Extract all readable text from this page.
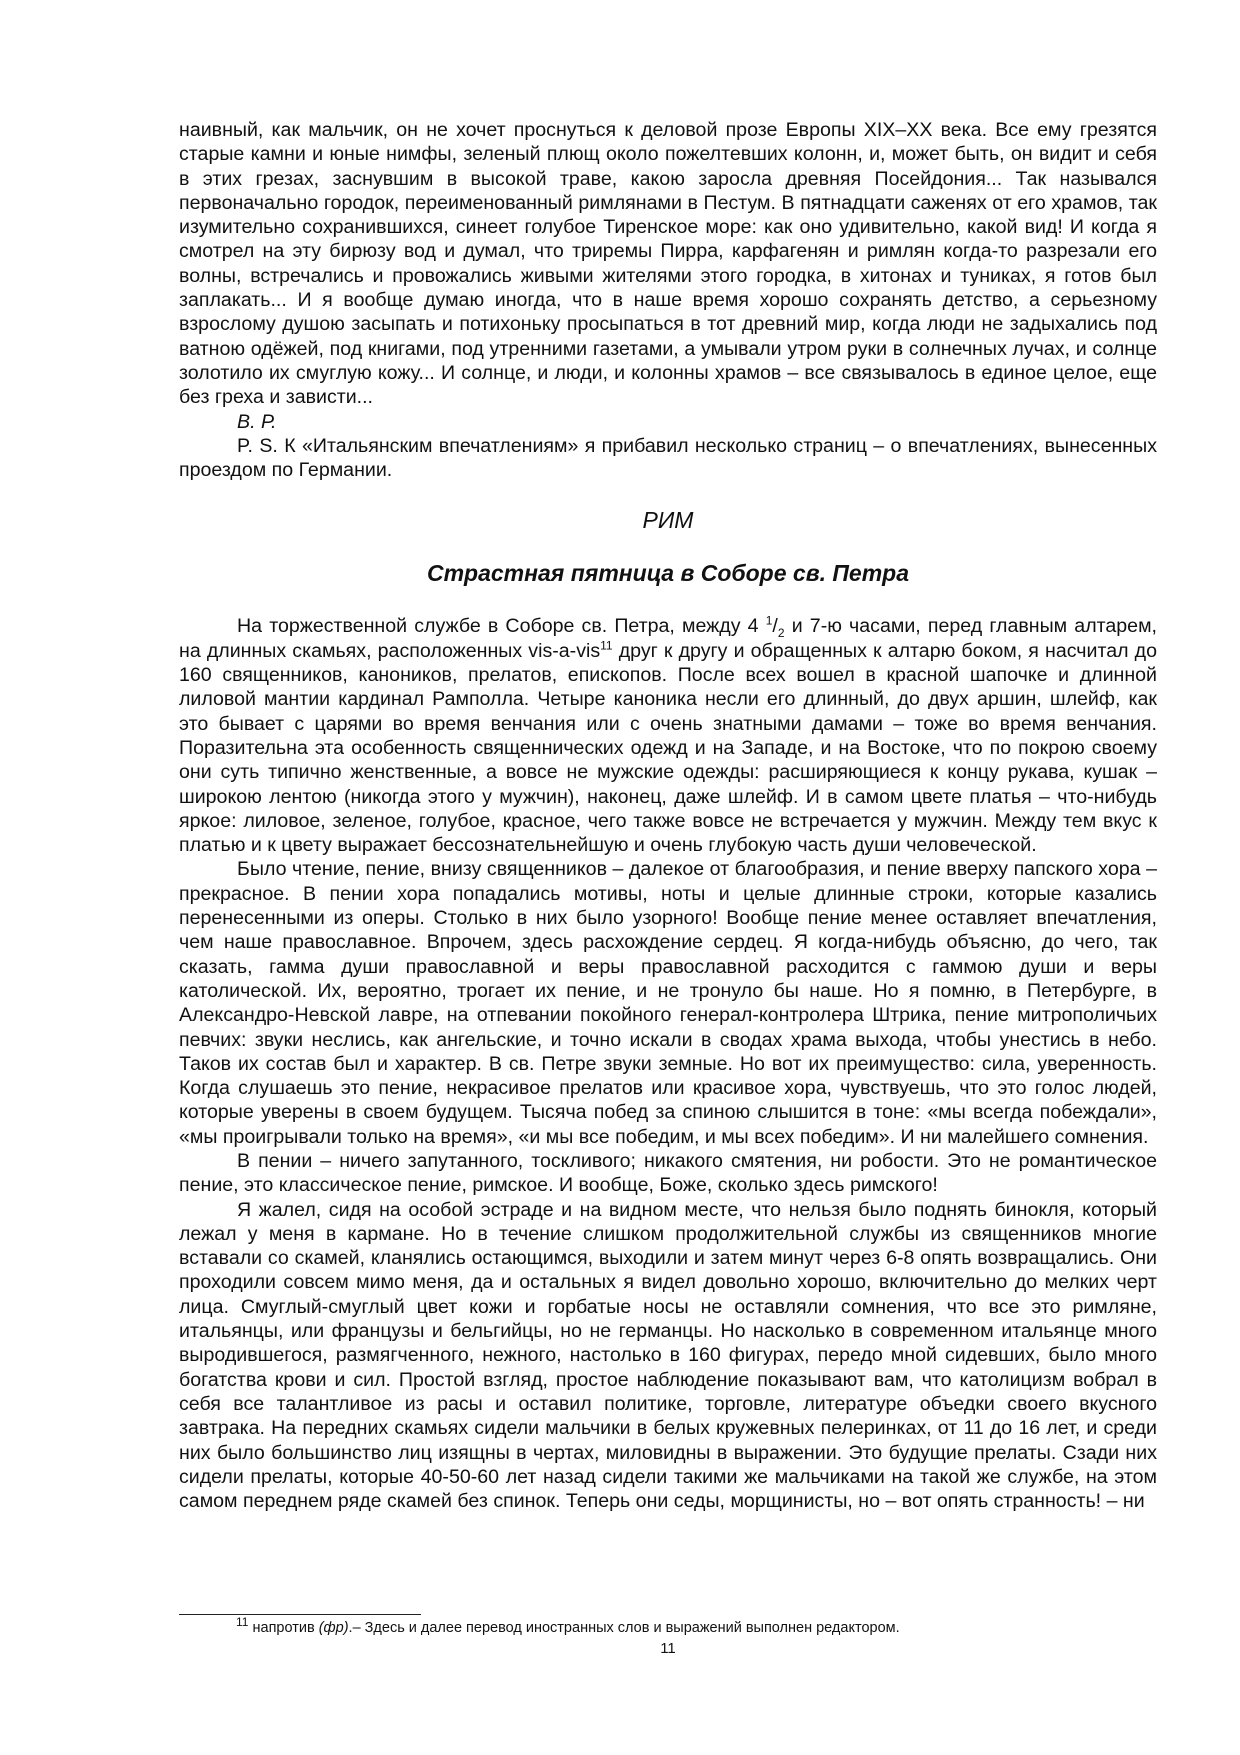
наивный, как мальчик, он не хочет проснуться к деловой прозе Европы XIX–XX века. Все ему грезятся старые камни и юные нимфы, зеленый плющ около пожелтевших колонн, и, может быть, он видит и себя в этих грезах, заснувшим в высокой траве, какою заросла древняя Посейдония... Так назывался первоначально городок, переименованный римлянами в Пестум. В пятнадцати саженях от его храмов, так изумительно сохранившихся, синеет голубое Тиренское море: как оно удивительно, какой вид! И когда я смотрел на эту бирюзу вод и думал, что триремы Пирра, карфагенян и римлян когда-то разрезали его волны, встречались и провожались живыми жителями этого городка, в хитонах и туниках, я готов был заплакать... И я вообще думаю иногда, что в наше время хорошо сохранять детство, а серьезному взрослому душою засыпать и потихоньку просыпаться в тот древний мир, когда люди не задыхались под ватною одёжей, под книгами, под утренними газетами, а умывали утром руки в солнечных лучах, и солнце золотило их смуглую кожу... И солнце, и люди, и колонны храмов – все связывалось в единое целое, еще без греха и зависти...

В. Р.

P. S. К «Итальянским впечатлениям» я прибавил несколько страниц – о впечатлениях, вынесенных проездом по Германии.

РИМ
Страстная пятница в Соборе св. Петра

На торжественной службе в Соборе св. Петра, между 4 $^1/_2$ и 7-ю часами, перед главным алтарем, на длинных скамьях, расположенных vis-a-vis$^{11}$ друг к другу и обращенных к алтарю боком, я насчитал до 160 священников, каноников, прелатов, епископов. После всех вошел в красной шапочке и длинной лиловой мантии кардинал Рамполла. Четыре каноника несли его длинный, до двух аршин, шлейф, как это бывает с царями во время венчания или с очень знатными дамами – тоже во время венчания. Поразительна эта особенность священнических одежд и на Западе, и на Востоке, что по покрою своему они суть типично женственные, а вовсе не мужские одежды: расширяющиеся к концу рукава, кушак – широкою лентою (никогда этого у мужчин), наконец, даже шлейф. И в самом цвете платья – что-нибудь яркое: лиловое, зеленое, голубое, красное, чего также вовсе не встречается у мужчин. Между тем вкус к платью и к цвету выражает бессознательнейшую и очень глубокую часть души человеческой.

Было чтение, пение, внизу священников – далекое от благообразия, и пение вверху папского хора – прекрасное. В пении хора попадались мотивы, ноты и целые длинные строки, которые казались перенесенными из оперы. Столько в них было узорного! Вообще пение менее оставляет впечатления, чем наше православное. Впрочем, здесь расхождение сердец. Я когда-нибудь объясню, до чего, так сказать, гамма души православной и веры православной расходится с гаммою души и веры католической. Их, вероятно, трогает их пение, и не тронуло бы наше. Но я помню, в Петербурге, в Александро-Невской лавре, на отпевании покойного генерал-контролера Штрика, пение митрополичьих певчих: звуки неслись, как ангельские, и точно искали в сводах храма выхода, чтобы унестись в небо. Таков их состав был и характер. В св. Петре звуки земные. Но вот их преимущество: сила, уверенность. Когда слушаешь это пение, некрасивое прелатов или красивое хора, чувствуешь, что это голос людей, которые уверены в своем будущем. Тысяча побед за спиною слышится в тоне: «мы всегда побеждали», «мы проигрывали только на время», «и мы все победим, и мы всех победим». И ни малейшего сомнения.

В пении – ничего запутанного, тоскливого; никакого смятения, ни робости. Это не романтическое пение, это классическое пение, римское. И вообще, Боже, сколько здесь римского!

Я жалел, сидя на особой эстраде и на видном месте, что нельзя было поднять бинокля, который лежал у меня в кармане. Но в течение слишком продолжительной службы из священников многие вставали со скамей, кланялись остающимся, выходили и затем минут через 6-8 опять возвращались. Они проходили совсем мимо меня, да и остальных я видел довольно хорошо, включительно до мелких черт лица. Смуглый-смуглый цвет кожи и горбатые носы не оставляли сомнения, что все это римляне, итальянцы, или французы и бельгийцы, но не германцы. Но насколько в современном итальянце много выродившегося, размягченного, нежного, настолько в 160 фигурах, передо мной сидевших, было много богатства крови и сил. Простой взгляд, простое наблюдение показывают вам, что католицизм вобрал в себя все талантливое из расы и оставил политике, торговле, литературе объедки своего вкусного завтрака. На передних скамьях сидели мальчики в белых кружевных пелеринках, от 11 до 16 лет, и среди них было большинство лиц изящны в чертах, миловидны в выражении. Это будущие прелаты. Сзади них сидели прелаты, которые 40-50-60 лет назад сидели такими же мальчиками на такой же службе, на этом самом переднем ряде скамей без спинок. Теперь они седы, морщинисты, но – вот опять странность! – ни

$^{11}$ напротив (фр).– Здесь и далее перевод иностранных слов и выражений выполнен редактором.
11
